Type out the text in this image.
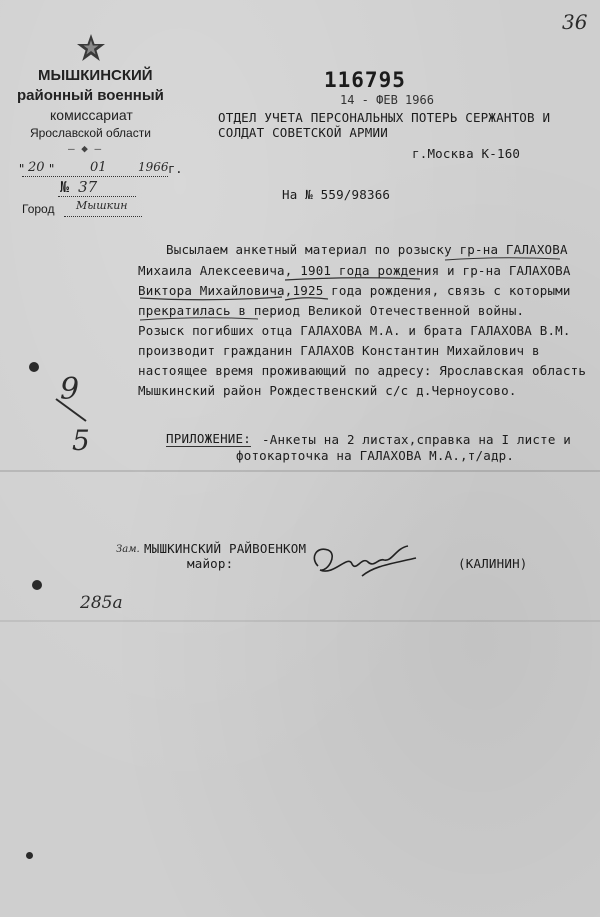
36
МЫШКИНСКИЙ
районный военный
комиссариат
Ярославской области
— ◆ —
" 20 "	01	1966 г.
№ 37
Город Мышкин
116795
14 - ФЕВ 1966
ОТДЕЛ УЧЕТА ПЕРСОНАЛЬНЫХ ПОТЕРЬ СЕРЖАНТОВ И
СОЛДАТ СОВЕТСКОЙ АРМИИ
г.Москва К-160
На № 559/98366
Высылаем анкетный материал по розыску гр-на ГАЛАХОВА
Михаила Алексеевича, 1901 года рождения и гр-на ГАЛАХОВА
Виктора Михайловича,1925 года рождения, связь с которыми
прекратилась в период Великой Отечественной войны.
Розыск погибших отца ГАЛАХОВА М.А. и брата ГАЛАХОВА В.М.
производит гражданин ГАЛАХОВ Константин Михайлович в
настоящее время проживающий по адресу: Ярославская область
Мышкинский район Рождественский с/с д.Черноусово.
9
5	ПРИЛОЖЕНИЕ: -Анкеты на 2 листах,справка на I листе и
фотокарточка на ГАЛАХОВА М.А.,т/адр.
Зам. МЫШКИНСКИЙ РАЙВОЕНКОМ
майор:	(КАЛИНИН)
285а
